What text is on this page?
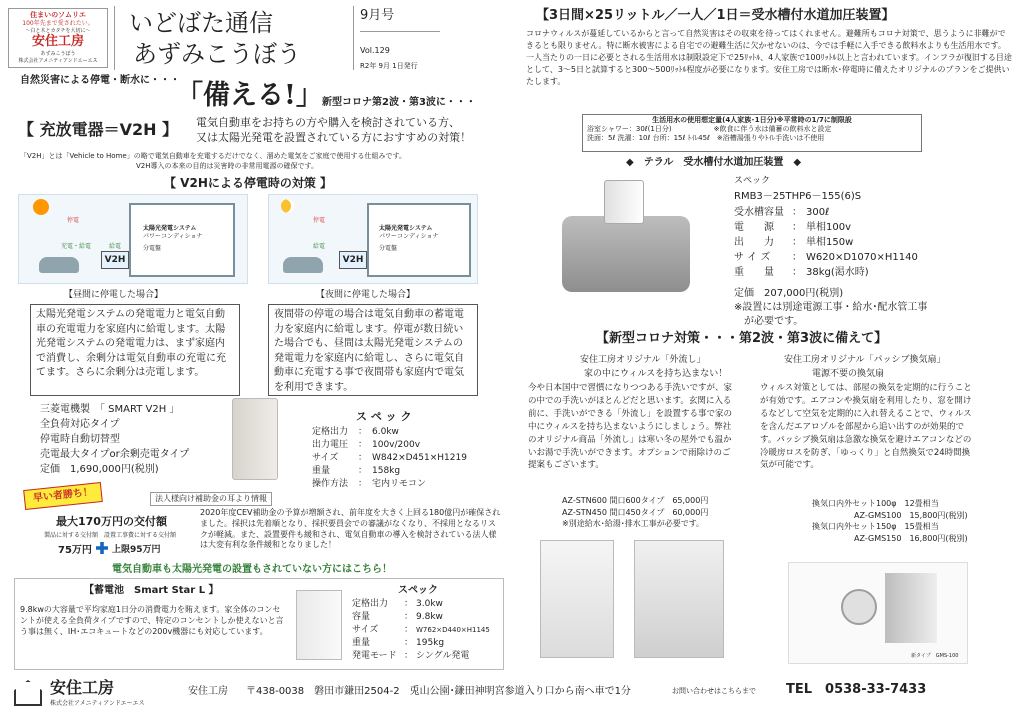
住まいのソムリエ
100年先まで愛されたい。
～白と木とカタチを大切に～
安住工房
あずみこうぼう
株式会社アメニティアンドエーエス
いどばた通信
あずみこうぼう
9月号
Vol.129
R2年 9月 1日発行
自然災害による停電・断水に・・・
「備える!」 新型コロナ第2波・第3波に・・・
【 充放電器＝V2H 】 電気自動車をお持ちの方や購入を検討されている方、
又は太陽光発電を設置されている方におすすめの対策！
「V2H」とは「Vehicle to Home」の略で電気自動車を充電するだけでなく、溜めた電気をご家庭で使用する仕組みです。
V2H導入の本来の目的は災害時の非常用電源の確保です。
【 V2Hによる停電時の対策 】
太陽光発電システム
パワーコンディショナ
分電盤
停電
充電・給電	給電
V2H
太陽光発電システム
パワーコンディショナ
分電盤
停電
給電
V2H
【昼間に停電した場合】
太陽光発電システムの発電電力と電気自動車の充電電力を家庭内に給電します。太陽光発電システムの発電電力は、まず家庭内で消費し、余剰分は電気自動車の充電に充てます。さらに余剰分は売電します。
【夜間に停電した場合】
夜間帯の停電の場合は電気自動車の蓄電電力を家庭内に給電します。停電が数日続いた場合でも、昼間は太陽光発電システムの発電電力を家庭内に給電し、さらに電気自動車に充電する事で夜間帯も家庭内で電気を利用できます。
三菱電機製　「 SMART V2H 」
全負荷対応タイプ
停電時自動切替型
売電最大タイプor余剰売電タイプ
定価　1,690,000円(税別)
ス ペ ッ ク
定格出力 ： 6.0kw
出力電圧 ： 100v/200v
サイズ ： W842×D451×H1219
重量	： 158kg
操作方法 ： 宅内リモコン
早い者勝ち！
最大170万円の交付額
製品に対する交付額　設置工事費に対する交付額
75万円 上限95万円
法人様向け補助金の耳より情報
2020年度CEV補助金の予算が増額され、前年度を大きく上回る180億円が確保されました。採択は先着順となり、採択要員会での審議がなくなり、不採用となるリスクが軽減。また、設置要件も緩和され、電気自動車の導入を検討されている法人様は大変有利な条件緩和となりました！
電気自動車も太陽光発電の設置もされていない方にはこちら！
【蓄電池　Smart Star L 】
9.8kwの大容量で平均家庭1日分の消費電力を賄えます。家全体のコンセントが使える全負荷タイプですので、特定のコンセントしか使えないと言う事は無く、IH･エコキュートなどの200v機器にも対応しています。
スペック
定格出力 ： 3.0kw
容量	： 9.8kw
サイズ	： W762×D440×H1145
重量	： 195kg
発電モード ： シングル発電
【3日間×25リットル／一人／1日＝受水槽付水道加圧装置】
コロナウィルスが蔓延しているからと言って自然災害はその収束を待ってはくれません。避難所もコロナ対策で、思うように非難ができるとも限りません。特に断水被害による自宅での避難生活に欠かせないのは、今では手軽に入手できる飲料水よりも生活用水です。一人当たりの一日に必要とされる生活用水は制限設定下で25ﾘｯﾄﾙ、4人家族で100ﾘｯﾄﾙ以上と言われています。インフラが復旧する目途として、3～5日と試算すると300～500ﾘｯﾄﾙ程度が必要になります。安住工房では断水･停電時に備えたオリジナルのプランをご提供いたします。
生活用水の使用想定量(4人家族･1日分)※平常時の1/7に制限設
浴室シャワー：30ℓ(1日分)　　　　　　※飲食に伴う水は備蓄の飲料水と設定
洗面：5ℓ 洗濯：10ℓ 台所：15ℓ ﾄｲﾚ45ℓ　※浴槽湯張りやﾄｲﾚ手洗いは不使用
◆　テラル　受水槽付水道加圧装置　◆
スペック
RMB3－25THP6－155(6)S
受水槽容量 ： 300ℓ
電　　源 ： 単相100v
出　　力 ： 単相150w
サ イ ズ ： W620×D1070×H1140
重　　量 ： 38kg(渇水時)
定価　207,000円(税別)
※設置には別途電源工事・給水･配水管工事
が必要です。
【新型コロナ対策・・・第2波・第3波に備えて】
安住工房オリジナル「外流し」
家の中にウィルスを持ち込まない！
今や日本国中で習慣になりつつある手洗いですが、家の中での手洗いがほとんどだと思います。玄関に入る前に、手洗いができる「外流し」を設置する事で家の中にウィルスを持ち込まないようにしましょう。弊社のオリジナル商品「外流し」は寒い冬の屋外でも温かいお湯で手洗いができます。オプションで雨除けのご提案もございます。
AZ-STN600 間口600タイプ　65,000円
AZ-STN450 間口450タイプ　60,000円
※別途給水･給湯･排水工事が必要です。
安住工房オリジナル「パッシブ換気扇」
電源不要の換気扇
ウィルス対策としては、部屋の換気を定期的に行うことが有効です。エアコンや換気扇を利用したり、窓を開けるなどして空気を定期的に入れ替えることで、ウィルスを含んだエアロゾルを部屋から追い出すのが効果的です。パッシブ換気扇は急激な換気を避けエアコンなどの冷暖房ロスを防ぎ、「ゆっくり」と自然換気で24時間換気が可能です。
換気口内外セット100φ　12畳相当
AZ-GMS100　15,800円(税別)
換気口内外セット150φ　15畳相当
AZ-GMS150　16,800円(税別)
新タイプ　GMS-100
安住工房
株式会社アメニティアンドエーエス
安住工房 〒438-0038　磐田市鎌田2504-2　兎山公園･鎌田神明宮参道入り口から南へ車で1分	お問い合わせはこちらまで TEL　0538-33-7433
